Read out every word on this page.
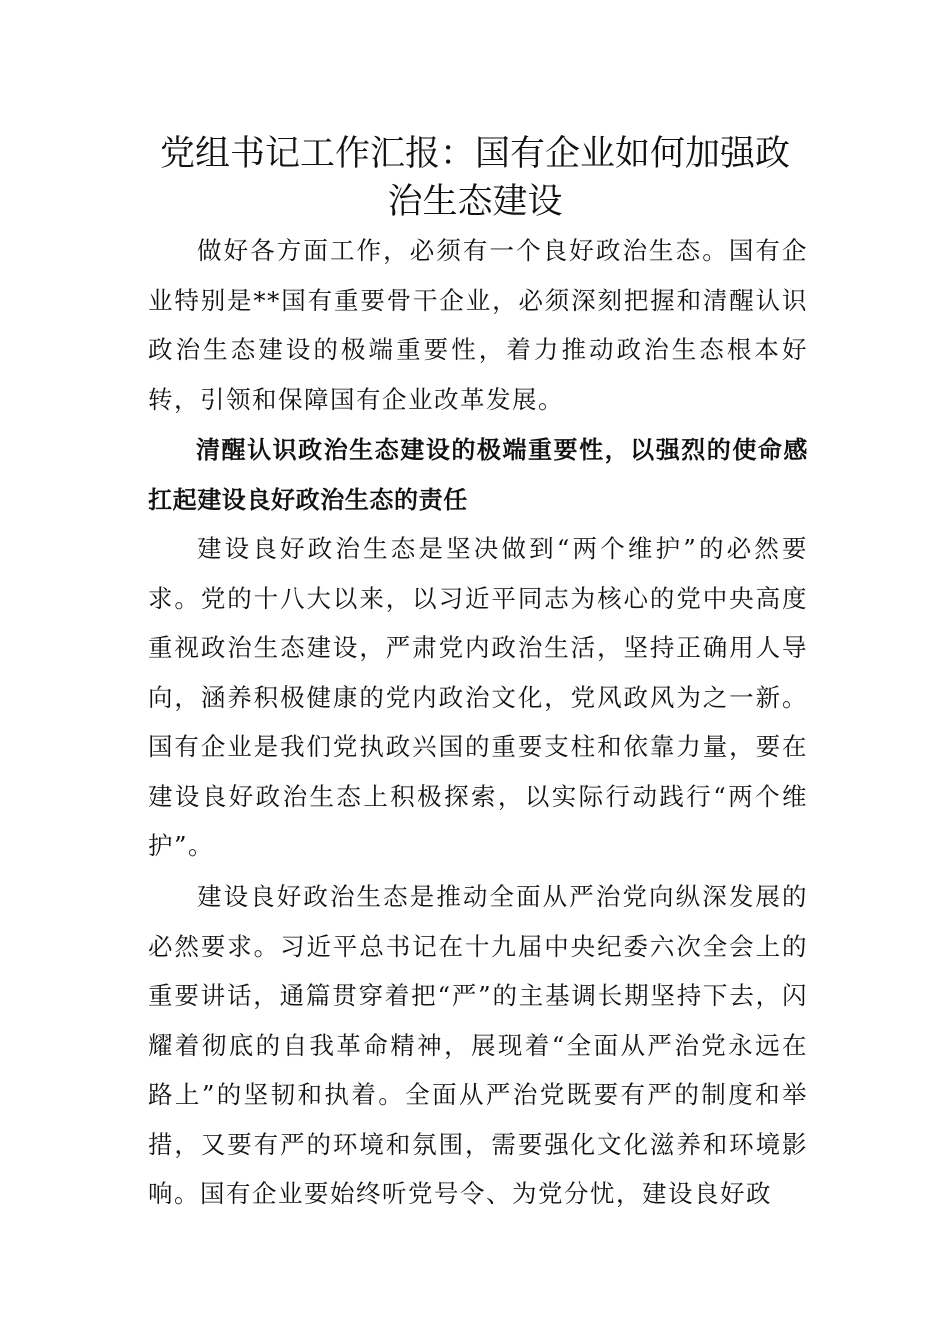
党组书记工作汇报：国有企业如何加强政
治生态建设

做好各方面工作，必须有一个良好政治生态。国有企业特别是**国有重要骨干企业，必须深刻把握和清醒认识政治生态建设的极端重要性，着力推动政治生态根本好转，引领和保障国有企业改革发展。

清醒认识政治生态建设的极端重要性，以强烈的使命感扛起建设良好政治生态的责任

建设良好政治生态是坚决做到“两个维护”的必然要求。党的十八大以来，以习近平同志为核心的党中央高度重视政治生态建设，严肃党内政治生活，坚持正确用人导向，涵养积极健康的党内政治文化，党风政风为之一新。国有企业是我们党执政兴国的重要支柱和依靠力量，要在建设良好政治生态上积极探索，以实际行动践行“两个维护”。

建设良好政治生态是推动全面从严治党向纵深发展的必然要求。习近平总书记在十九届中央纪委六次全会上的重要讲话，通篇贯穿着把“严”的主基调长期坚持下去，闪耀着彻底的自我革命精神，展现着“全面从严治党永远在路上”的坚韧和执着。全面从严治党既要有严的制度和举措，又要有严的环境和氛围，需要强化文化滋养和环境影响。国有企业要始终听党号令、为党分忧，建设良好政
